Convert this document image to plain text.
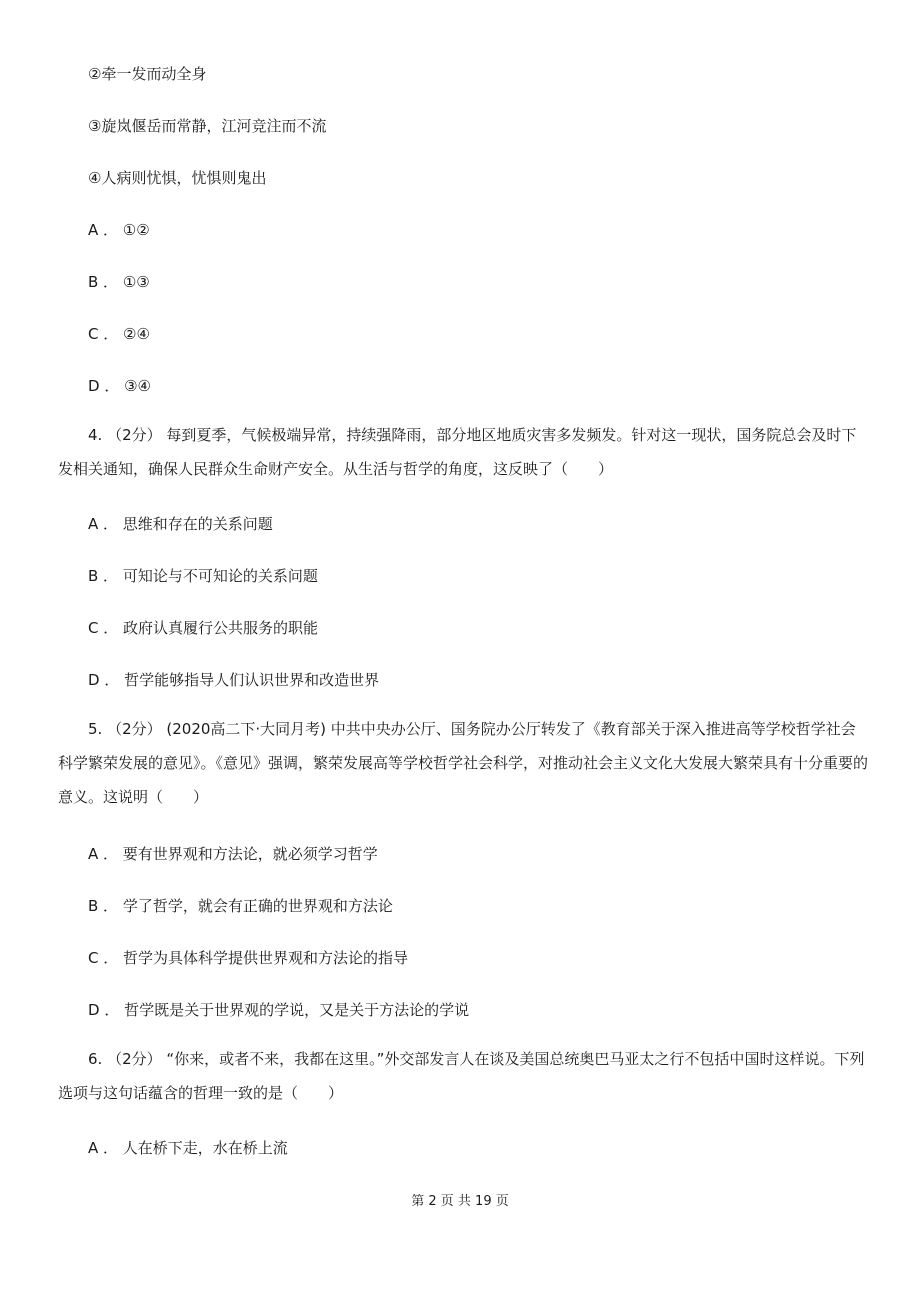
②牵一发而动全身
③旋岚偃岳而常静，江河竞注而不流
④人病则忧惧，忧惧则鬼出
A ． ①②
B ． ①③
C ． ②④
D ． ③④
4. （2分） 每到夏季，气候极端异常，持续强降雨，部分地区地质灾害多发频发。针对这一现状，国务院总会及时下发相关通知，确保人民群众生命财产安全。从生活与哲学的角度，这反映了（　　）
A ． 思维和存在的关系问题
B ． 可知论与不可知论的关系问题
C ． 政府认真履行公共服务的职能
D ． 哲学能够指导人们认识世界和改造世界
5. （2分） (2020高二下·大同月考) 中共中央办公厅、国务院办公厅转发了《教育部关于深入推进高等学校哲学社会科学繁荣发展的意见》。《意见》强调，繁荣发展高等学校哲学社会科学，对推动社会主义文化大发展大繁荣具有十分重要的意义。这说明（　　）
A ． 要有世界观和方法论，就必须学习哲学
B ． 学了哲学，就会有正确的世界观和方法论
C ． 哲学为具体科学提供世界观和方法论的指导
D ． 哲学既是关于世界观的学说，又是关于方法论的学说
6. （2分） “你来，或者不来，我都在这里。”外交部发言人在谈及美国总统奥巴马亚太之行不包括中国时这样说。下列选项与这句话蕴含的哲理一致的是（　　）
A ． 人在桥下走，水在桥上流
第 2 页 共 19 页
